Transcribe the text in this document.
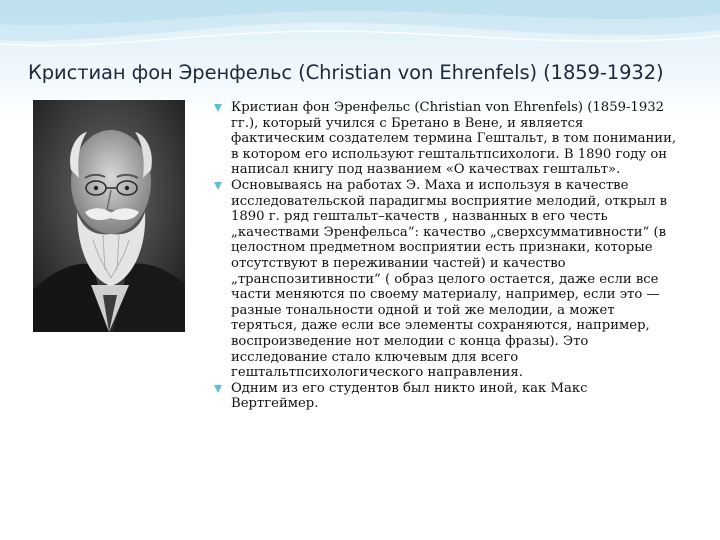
Кристиан фон Эренфельс (Christian von Ehrenfels) (1859-1932)
Кристиан фон Эренфельс (Christian von Ehrenfels) (1859-1932 гг.), который учился с Бретано в Вене, и является фактическим создателем термина Гештальт, в том понимании, в котором его используют гештальтпсихологи. В 1890 году он написал книгу под названием «О качествах гештальт».
Основываясь на работах Э. Маха и используя в качестве исследовательской парадигмы восприятие мелодий, открыл в 1890 г. ряд гештальт–качеств , названных в его честь „качествами Эренфельса“: качество „сверхсуммативности“ (в целостном предметном восприятии есть признаки, которые отсутствуют в переживании частей) и качество „транспозитивности“ ( образ целого остается, даже если все части меняются по своему материалу, например, если это — разные тональности одной и той же мелодии, а может теряться, даже если все элементы сохраняются, например, воспроизведение нот мелодии с конца фразы). Это исследование стало ключевым для всего гештальтпсихологического направления.
Одним из его студентов был никто иной, как Макс Вертгеймер.
